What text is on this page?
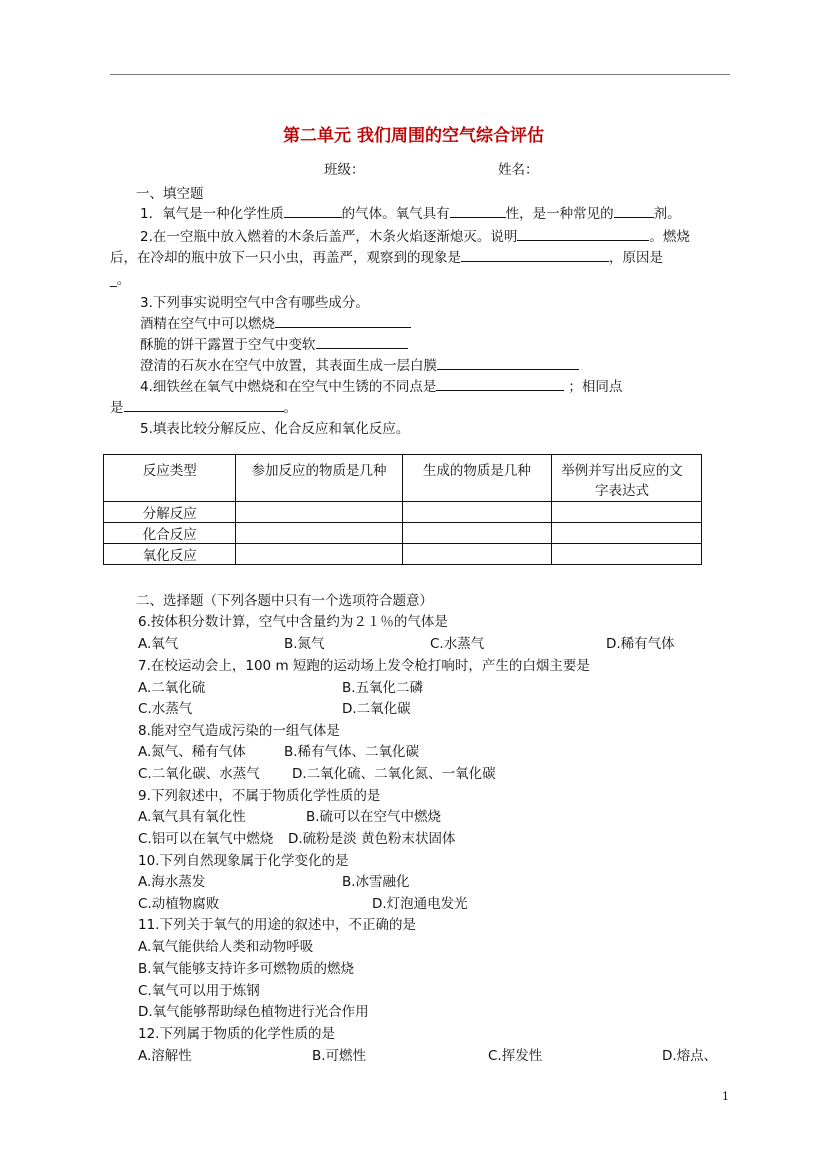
第二单元 我们周围的空气综合评估
班级：	姓名：
一、填空题
1．氧气是一种化学性质	的气体。氧气具有	性，是一种常见的	剂。
2.在一空瓶中放入燃着的木条后盖严，木条火焰逐渐熄灭。说明	。燃烧
后，在冷却的瓶中放下一只小虫，再盖严，观察到的现象是	，原因是
_。
3.下列事实说明空气中含有哪些成分。
酒精在空气中可以燃烧
酥脆的饼干露置于空气中变软
澄清的石灰水在空气中放置，其表面生成一层白膜
4.细铁丝在氧气中燃烧和在空气中生锈的不同点是	；相同点
是	。
5.填表比较分解反应、化合反应和氧化反应。
反应类型	参加反应的物质是几种	生成的物质是几种	举例并写出反应的文字表达式

分解反应			
化合反应			
氧化反应			
二、选择题（下列各题中只有一个选项符合题意）
6.按体积分数计算，空气中含量约为２１％的气体是
A.氧气	B.氮气	C.水蒸气	D.稀有气体
7.在校运动会上，100 m 短跑的运动场上发令枪打响时，产生的白烟主要是
A.二氧化硫	B.五氧化二磷
C.水蒸气	D.二氧化碳
8.能对空气造成污染的一组气体是
A.氮气、稀有气体	B.稀有气体、二氧化碳
C.二氧化碳、水蒸气 D.二氧化硫、二氧化氮、一氧化碳
9.下列叙述中，不属于物质化学性质的是
A.氧气具有氧化性	B.硫可以在空气中燃烧
C.铝可以在氧气中燃烧 D.硫粉是淡 黄色粉末状固体
10.下列自然现象属于化学变化的是
A.海水蒸发	B.冰雪融化
C.动植物腐败	D.灯泡通电发光
11.下列关于氧气的用途的叙述中，不正确的是
A.氧气能供给人类和动物呼吸
B.氧气能够支持许多可燃物质的燃烧
C.氧气可以用于炼钢
D.氧气能够帮助绿色植物进行光合作用
12.下列属于物质的化学性质的是
A.溶解性	B.可燃性	C.挥发性	D.熔点、
1
